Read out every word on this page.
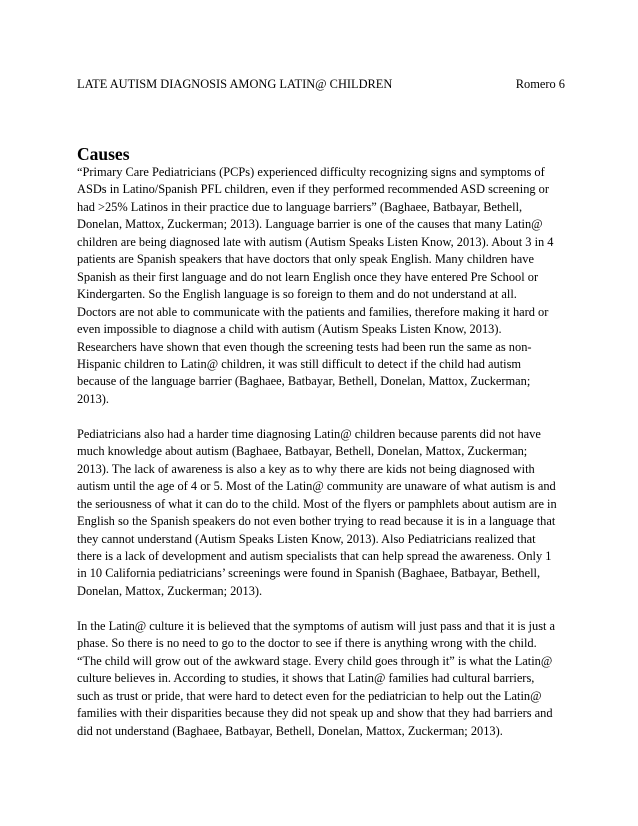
LATE AUTISM DIAGNOSIS AMONG LATIN@ CHILDREN	Romero 6
Causes

“Primary Care Pediatricians (PCPs) experienced difficulty recognizing signs and symptoms of
ASDs in Latino/Spanish PFL children, even if they performed recommended ASD screening or
had >25% Latinos in their practice due to language barriers” (Baghaee, Batbayar, Bethell,
Donelan, Mattox, Zuckerman; 2013). Language barrier is one of the causes that many Latin@
children are being diagnosed late with autism (Autism Speaks Listen Know, 2013). About 3 in 4
patients are Spanish speakers that have doctors that only speak English. Many children have
Spanish as their first language and do not learn English once they have entered Pre School or
Kindergarten. So the English language is so foreign to them and do not understand at all.
Doctors are not able to communicate with the patients and families, therefore making it hard or
even impossible to diagnose a child with autism (Autism Speaks Listen Know, 2013).
Researchers have shown that even though the screening tests had been run the same as non-
Hispanic children to Latin@ children, it was still difficult to detect if the child had autism
because of the language barrier (Baghaee, Batbayar, Bethell, Donelan, Mattox, Zuckerman;
2013).

Pediatricians also had a harder time diagnosing Latin@ children because parents did not have
much knowledge about autism (Baghaee, Batbayar, Bethell, Donelan, Mattox, Zuckerman;
2013). The lack of awareness is also a key as to why there are kids not being diagnosed with
autism until the age of 4 or 5. Most of the Latin@ community are unaware of what autism is and
the seriousness of what it can do to the child. Most of the flyers or pamphlets about autism are in
English so the Spanish speakers do not even bother trying to read because it is in a language that
they cannot understand (Autism Speaks Listen Know, 2013). Also Pediatricians realized that
there is a lack of development and autism specialists that can help spread the awareness. Only 1
in 10 California pediatricians’ screenings were found in Spanish (Baghaee, Batbayar, Bethell,
Donelan, Mattox, Zuckerman; 2013).

In the Latin@ culture it is believed that the symptoms of autism will just pass and that it is just a
phase. So there is no need to go to the doctor to see if there is anything wrong with the child.
“The child will grow out of the awkward stage. Every child goes through it” is what the Latin@
culture believes in. According to studies, it shows that Latin@ families had cultural barriers,
such as trust or pride, that were hard to detect even for the pediatrician to help out the Latin@
families with their disparities because they did not speak up and show that they had barriers and
did not understand (Baghaee, Batbayar, Bethell, Donelan, Mattox, Zuckerman; 2013).
